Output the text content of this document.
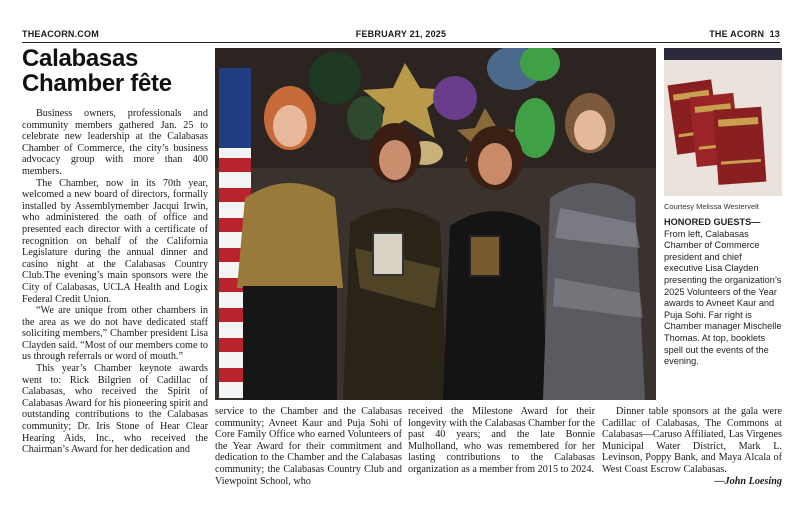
THEACORN.COM	FEBRUARY 21, 2025	THE ACORN 13
Calabasas
Chamber fête

Business owners, professionals and community members gathered Jan. 25 to celebrate new leadership at the Calabasas Chamber of Commerce, the city’s business advocacy group with more than 400 members.

The Chamber, now in its 70th year, welcomed a new board of directors, formally installed by Assemblymember Jacqui Irwin, who administered the oath of office and presented each director with a certificate of recognition on behalf of the California Legislature during the annual dinner and casino night at the Calabasas Country Club.The evening’s main sponsors were the City of Calabasas, UCLA Health and Logix Federal Credit Union.

“We are unique from other chambers in the area as we do not have dedicated staff soliciting members,” Chamber president Lisa Clayden said. “Most of our members come to us through referrals or word of mouth.”

This year’s Chamber keynote awards went to: Rick Bilgrien of Cadillac of Calabasas, who received the Spirit of Calabasas Award for his pioneering spirit and outstanding contributions to the Calabasas community; Dr. Iris Stone of Hear Clear Hearing Aids, Inc., who received the Chairman’s Award for her dedication and

Courtesy Melissa Westervelt
HONORED GUESTS— From left, Calabasas Chamber of Commerce president and chief executive Lisa Clayden presenting the organization’s 2025 Volunteers of the Year awards to Avneet Kaur and Puja Sohi. Far right is Chamber manager Mischelle Thomas. At top, booklets spell out the events of the evening.

service to the Chamber and the Calabasas community; Avneet Kaur and Puja Sohi of Core Family Office who earned Volunteers of the Year Award for their commitment and dedication to the Chamber and the Calabasas community; the Calabasas Country Club and Viewpoint School, who

received the Milestone Award for their longevity with the Calabasas Chamber for the past 40 years; and the late Bonnie Mulholland, who was remembered for her lasting contributions to the Calabasas organization as a member from 2015 to 2024.

Dinner table sponsors at the gala were Cadillac of Calabasas, The Commons at Calabasas—Caruso Affiliated, Las Virgenes Municipal Water District, Mark L. Levinson, Poppy Bank, and Maya Alcala of West Coast Escrow Calabasas.

—John Loesing
